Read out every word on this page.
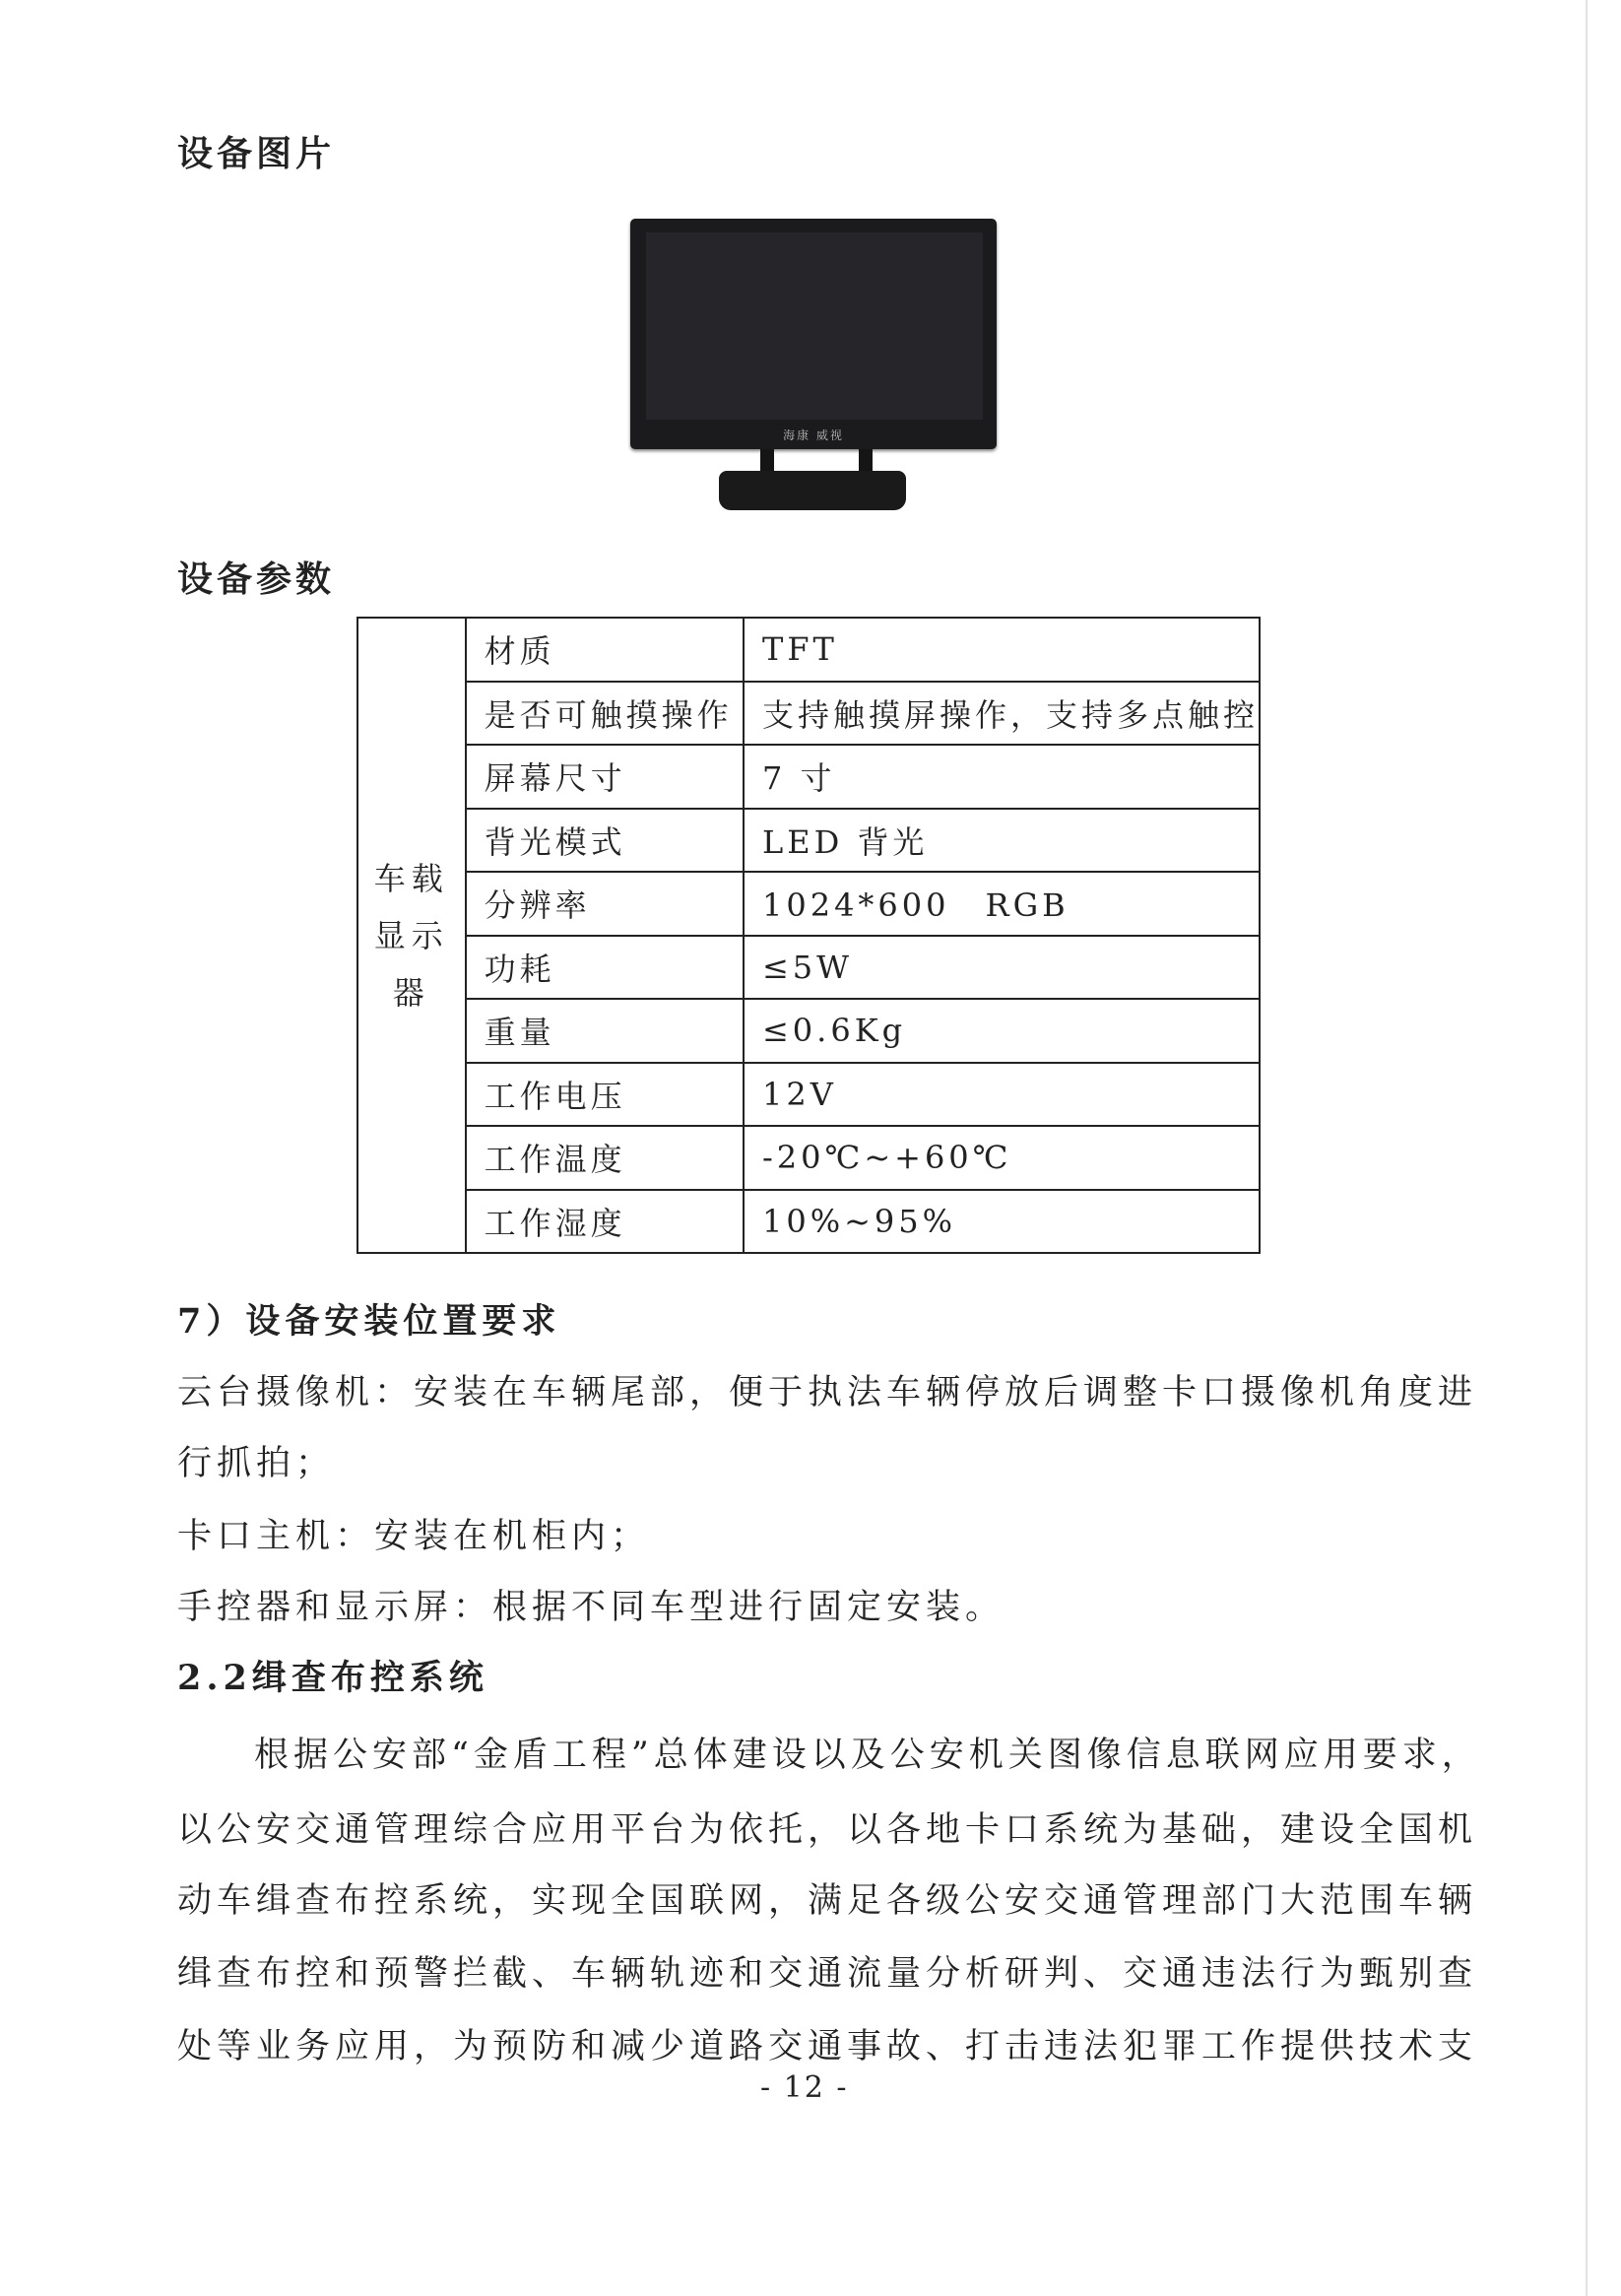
设备图片
海康 威视
设备参数
车载显示器	材质	TFT
	是否可触摸操作	支持触摸屏操作，支持多点触控
	屏幕尺寸	7 寸
	背光模式	LED 背光
	分辨率	1024*600　RGB
	功耗	≤5W
	重量	≤0.6Kg
	工作电压	12V
	工作温度	-20℃~+60℃
	工作湿度	10%~95%
7）设备安装位置要求
云台摄像机：安装在车辆尾部，便于执法车辆停放后调整卡口摄像机角度进
行抓拍；
卡口主机：安装在机柜内；
手控器和显示屏：根据不同车型进行固定安装。
2.2缉查布控系统
根据公安部“金盾工程”总体建设以及公安机关图像信息联网应用要求，
以公安交通管理综合应用平台为依托，以各地卡口系统为基础，建设全国机
动车缉查布控系统，实现全国联网，满足各级公安交通管理部门大范围车辆
缉查布控和预警拦截、车辆轨迹和交通流量分析研判、交通违法行为甄别查
处等业务应用，为预防和减少道路交通事故、打击违法犯罪工作提供技术支
- 12 -
